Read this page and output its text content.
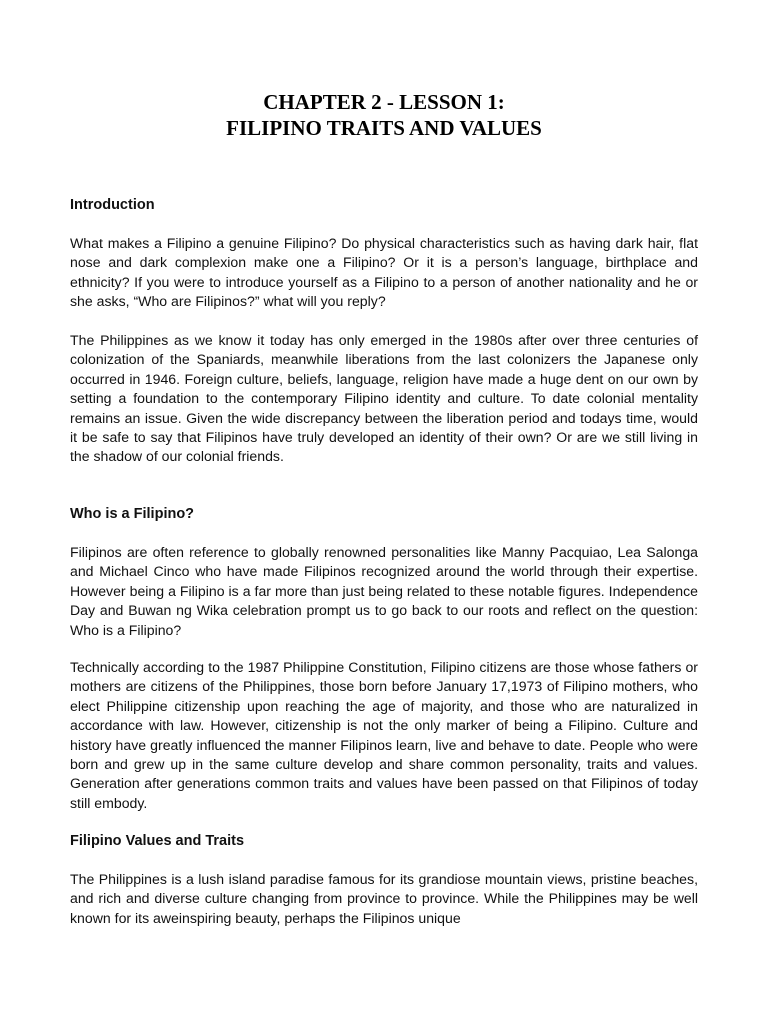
CHAPTER 2 - LESSON 1:
FILIPINO TRAITS AND VALUES
Introduction

What makes a Filipino a genuine Filipino? Do physical characteristics such as having dark hair, flat nose and dark complexion make one a Filipino? Or it is a person’s language, birthplace and ethnicity? If you were to introduce yourself as a Filipino to a person of another nationality and he or she asks, “Who are Filipinos?” what will you reply?

The Philippines as we know it today has only emerged in the 1980s after over three centuries of colonization of the Spaniards, meanwhile liberations from the last colonizers the Japanese only occurred in 1946. Foreign culture, beliefs, language, religion have made a huge dent on our own by setting a foundation to the contemporary Filipino identity and culture. To date colonial mentality remains an issue. Given the wide discrepancy between the liberation period and todays time, would it be safe to say that Filipinos have truly developed an identity of their own? Or are we still living in the shadow of our colonial friends.

Who is a Filipino?

Filipinos are often reference to globally renowned personalities like Manny Pacquiao, Lea Salonga and Michael Cinco who have made Filipinos recognized around the world through their expertise. However being a Filipino is a far more than just being related to these notable figures. Independence Day and Buwan ng Wika celebration prompt us to go back to our roots and reflect on the question: Who is a Filipino?

Technically according to the 1987 Philippine Constitution, Filipino citizens are those whose fathers or mothers are citizens of the Philippines, those born before January 17,1973 of Filipino mothers, who elect Philippine citizenship upon reaching the age of majority, and those who are naturalized in accordance with law. However, citizenship is not the only marker of being a Filipino. Culture and history have greatly influenced the manner Filipinos learn, live and behave to date. People who were born and grew up in the same culture develop and share common personality, traits and values. Generation after generations common traits and values have been passed on that Filipinos of today still embody.

Filipino Values and Traits

The Philippines is a lush island paradise famous for its grandiose mountain views, pristine beaches, and rich and diverse culture changing from province to province. While the Philippines may be well known for its aweinspiring beauty, perhaps the Filipinos unique
